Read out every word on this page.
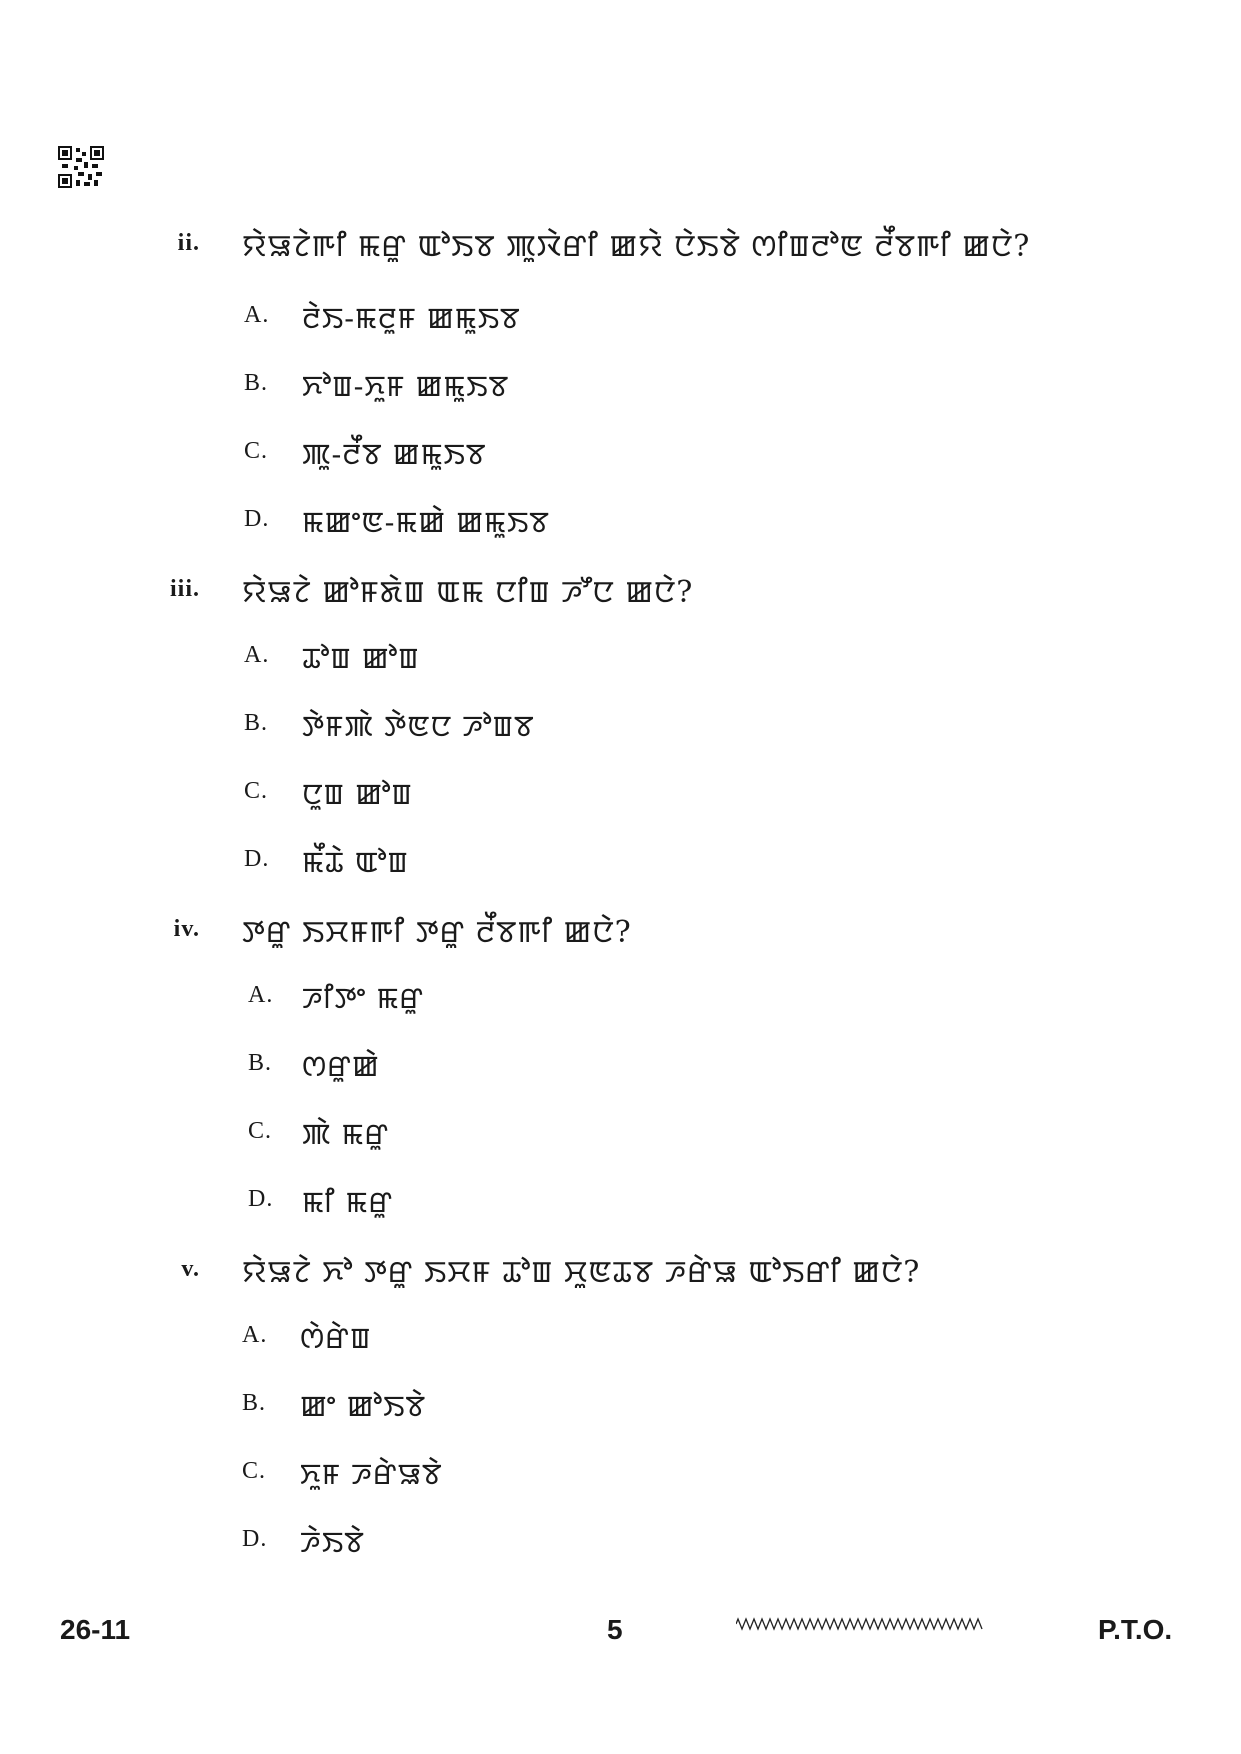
ii. ꯌꯥꯎꯖꯥꯒꯤ ꯃꯔꯨ ꯑꯣꯏꯕ ꯄꯨꯋꯥꯔꯤ ꯀꯌꯥ ꯅꯥꯏꯕꯥ ꯁꯤꯡꯂꯣꯟ ꯂꯩꯕꯒꯤ ꯀꯅꯥ?
A. ꯂꯥꯏ-ꯃꯂꯨꯝ ꯀꯃꯨꯏꯕ
B. ꯈꯣꯡ-ꯈꯨꯝ ꯀꯃꯨꯏꯕ
C. ꯄꯨ-ꯂꯩꯕ ꯀꯃꯨꯏꯕ
D. ꯃꯀꯦꯟ-ꯃꯀꯥ ꯀꯃꯨꯏꯕ
iii. ꯌꯥꯎꯖꯥ ꯀꯣꯝꯗꯥꯡ ꯑꯃ ꯅꯤꯡ ꯍꯧꯅ ꯀꯅꯥ?
A. ꯊꯣꯡ ꯀꯣꯡ
B. ꯇꯥꯝꯄꯥ ꯇꯥꯟꯅ ꯍꯣꯡꯕ
C. ꯅꯨꯡ ꯀꯣꯡ
D. ꯃꯩꯊꯥ ꯑꯣꯡ
iv. ꯇꯔꯨ ꯏꯆꯝꯒꯤ ꯇꯔꯨ ꯂꯩꯕꯒꯤ ꯀꯅꯥ?
A. ꯍꯤꯇꯦ ꯃꯔꯨ
B. ꯁꯔꯨꯀꯥ
C. ꯄꯥ ꯃꯔꯨ
D. ꯃꯤ ꯃꯔꯨ
v. ꯌꯥꯎꯖꯥ ꯈꯣ ꯇꯔꯨ ꯏꯆꯝ ꯊꯣꯡ ꯆꯨꯟꯊꯕ ꯍꯔꯥꯎ ꯑꯣꯏꯔꯤ ꯀꯅꯥ?
A. ꯁꯥꯔꯥꯡ
B. ꯀꯦ ꯀꯣꯏꯕꯥ
C. ꯈꯨꯝ ꯍꯔꯥꯎꯕꯥ
D. ꯍꯥꯏꯕꯥ
26-11	5	P.T.O.
